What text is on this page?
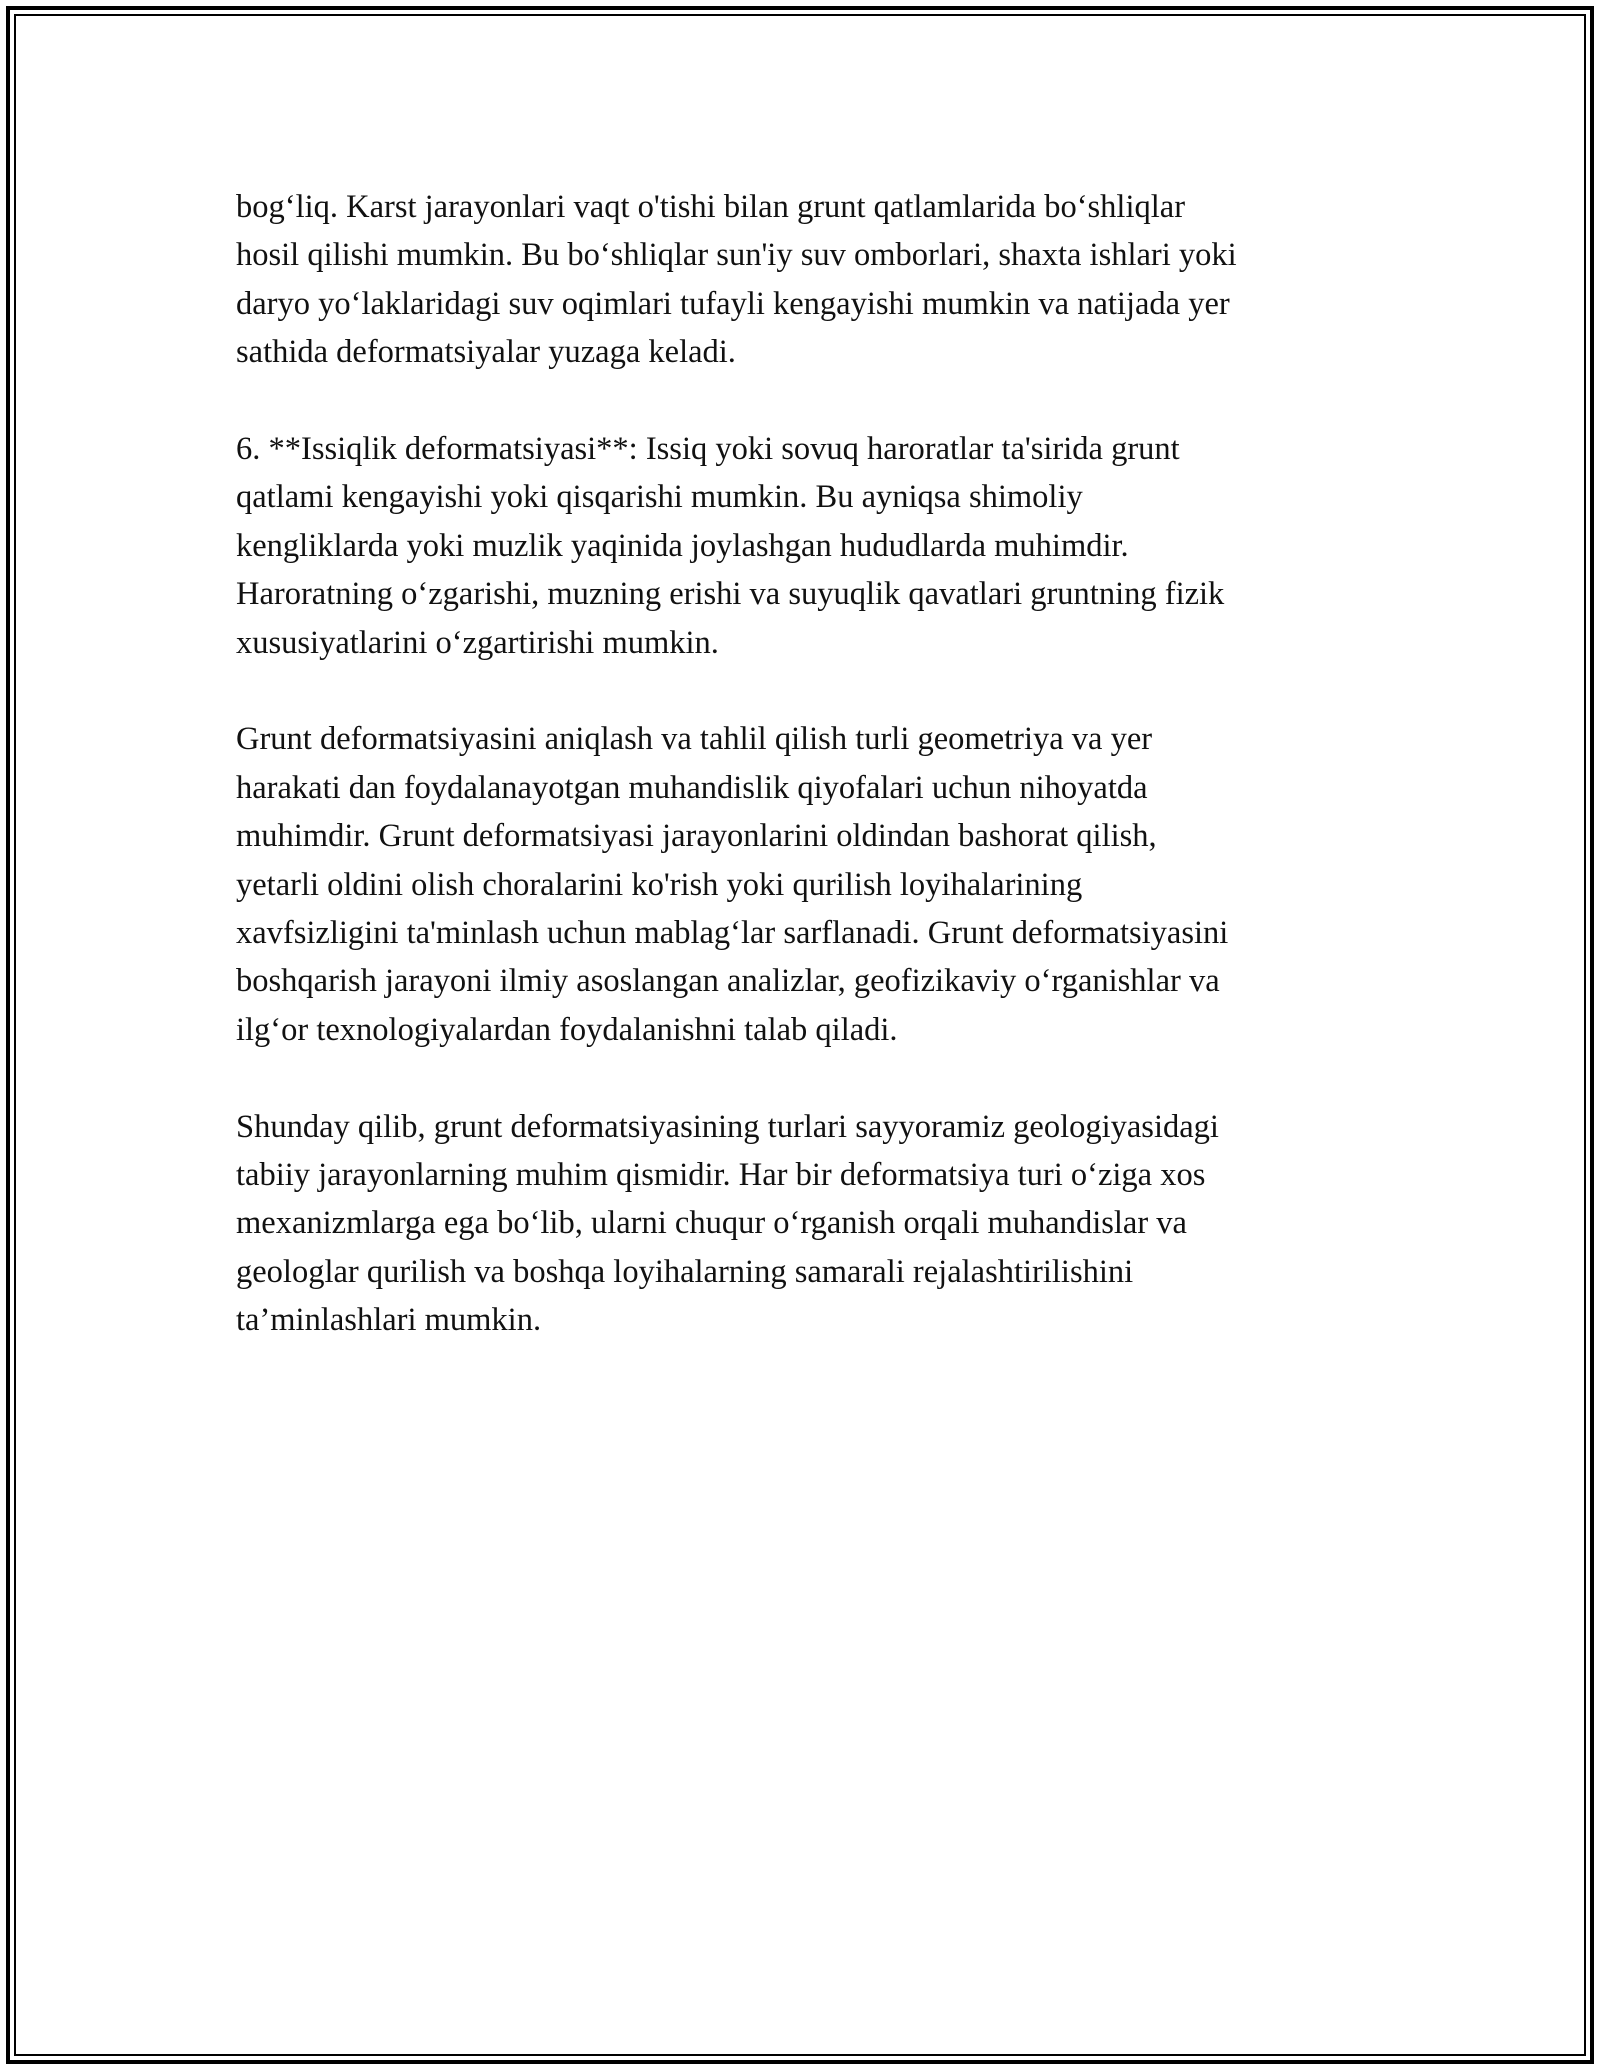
bog‘liq. Karst jarayonlari vaqt o'tishi bilan grunt qatlamlarida bo‘shliqlar
hosil qilishi mumkin. Bu bo‘shliqlar sun'iy suv omborlari, shaxta ishlari yoki
daryo yo‘laklaridagi suv oqimlari tufayli kengayishi mumkin va natijada yer
sathida deformatsiyalar yuzaga keladi.

6. **Issiqlik deformatsiyasi**: Issiq yoki sovuq haroratlar ta'sirida grunt
qatlami kengayishi yoki qisqarishi mumkin. Bu ayniqsa shimoliy
kengliklarda yoki muzlik yaqinida joylashgan hududlarda muhimdir.
Haroratning o‘zgarishi, muzning erishi va suyuqlik qavatlari gruntning fizik
xususiyatlarini o‘zgartirishi mumkin.

Grunt deformatsiyasini aniqlash va tahlil qilish turli geometriya va yer
harakati dan foydalanayotgan muhandislik qiyofalari uchun nihoyatda
muhimdir. Grunt deformatsiyasi jarayonlarini oldindan bashorat qilish,
yetarli oldini olish choralarini ko'rish yoki qurilish loyihalarining
xavfsizligini ta'minlash uchun mablag‘lar sarflanadi. Grunt deformatsiyasini
boshqarish jarayoni ilmiy asoslangan analizlar, geofizikaviy o‘rganishlar va
ilg‘or texnologiyalardan foydalanishni talab qiladi.

Shunday qilib, grunt deformatsiyasining turlari sayyoramiz geologiyasidagi
tabiiy jarayonlarning muhim qismidir. Har bir deformatsiya turi o‘ziga xos
mexanizmlarga ega bo‘lib, ularni chuqur o‘rganish orqali muhandislar va
geologlar qurilish va boshqa loyihalarning samarali rejalashtirilishini
ta’minlashlari mumkin.
